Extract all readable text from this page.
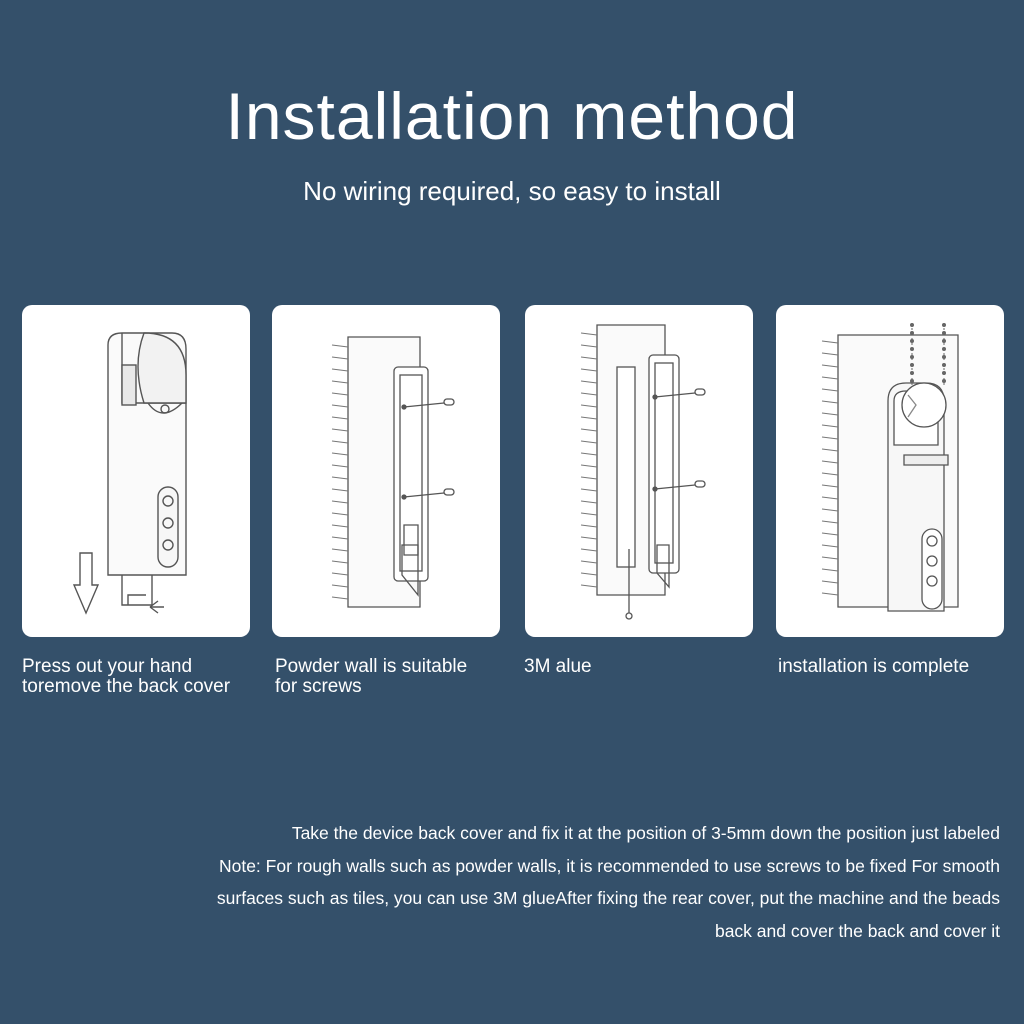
Installation method
No wiring required, so easy to install
Press out your hand
toremove the back cover
Powder wall is suitable
for screws
3M alue	installation is complete
Take the device back cover and fix it at the position of 3-5mm down the position just labeled
Note: For rough walls such as powder walls, it is recommended to use screws to be fixed For smooth
surfaces such as tiles, you can use 3M glueAfter fixing the rear cover, put the machine and the beads
back and cover the back and cover it
